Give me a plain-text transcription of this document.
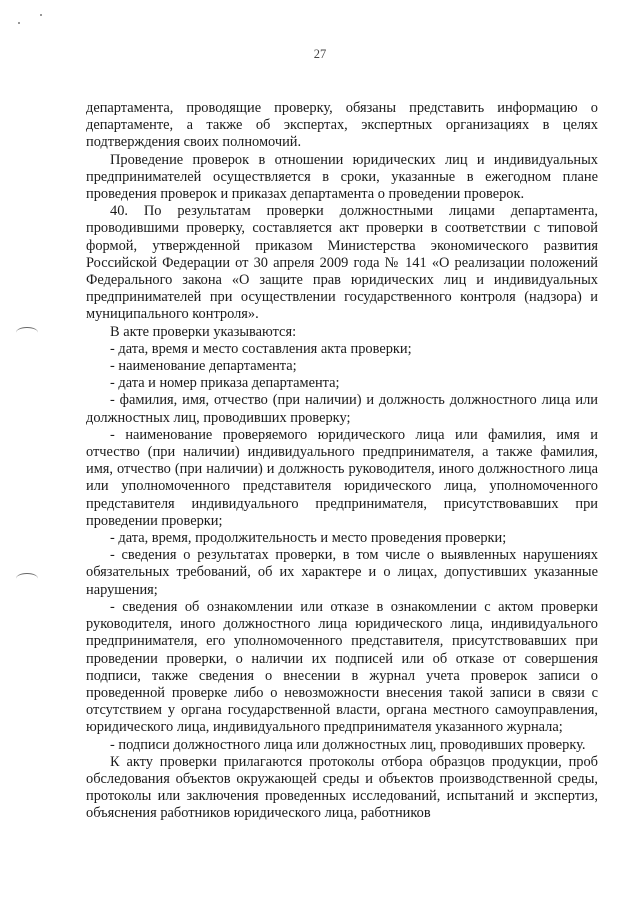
27

департамента, проводящие проверку, обязаны представить информацию о департаменте, а также об экспертах, экспертных организациях в целях подтверждения своих полномочий.

Проведение проверок в отношении юридических лиц и индивидуальных предпринимателей осуществляется в сроки, указанные в ежегодном плане проведения проверок и приказах департамента о проведении проверок.

40. По результатам проверки должностными лицами департамента, проводившими проверку, составляется акт проверки в соответствии с типовой формой, утвержденной приказом Министерства экономического развития Российской Федерации от 30 апреля 2009 года № 141 «О реализации положений Федерального закона «О защите прав юридических лиц и индивидуальных предпринимателей при осуществлении государственного контроля (надзора) и муниципального контроля».

В акте проверки указываются:

- дата, время и место составления акта проверки;

- наименование департамента;

- дата и номер приказа департамента;

- фамилия, имя, отчество (при наличии) и должность должностного лица или должностных лиц, проводивших проверку;

- наименование проверяемого юридического лица или фамилия, имя и отчество (при наличии) индивидуального предпринимателя, а также фамилия, имя, отчество (при наличии) и должность руководителя, иного должностного лица или уполномоченного представителя юридического лица, уполномоченного представителя индивидуального предпринимателя, присутствовавших при проведении проверки;

- дата, время, продолжительность и место проведения проверки;

- сведения о результатах проверки, в том числе о выявленных нарушениях обязательных требований, об их характере и о лицах, допустивших указанные нарушения;

- сведения об ознакомлении или отказе в ознакомлении с актом проверки руководителя, иного должностного лица юридического лица, индивидуального предпринимателя, его уполномоченного представителя, присутствовавших при проведении проверки, о наличии их подписей или об отказе от совершения подписи, также сведения о внесении в журнал учета проверок записи о проведенной проверке либо о невозможности внесения такой записи в связи с отсутствием у органа государственной власти, органа местного самоуправления, юридического лица, индивидуального предпринимателя указанного журнала;

- подписи должностного лица или должностных лиц, проводивших проверку.

К акту проверки прилагаются протоколы отбора образцов продукции, проб обследования объектов окружающей среды и объектов производственной среды, протоколы или заключения проведенных исследований, испытаний и экспертиз, объяснения работников юридического лица, работников
